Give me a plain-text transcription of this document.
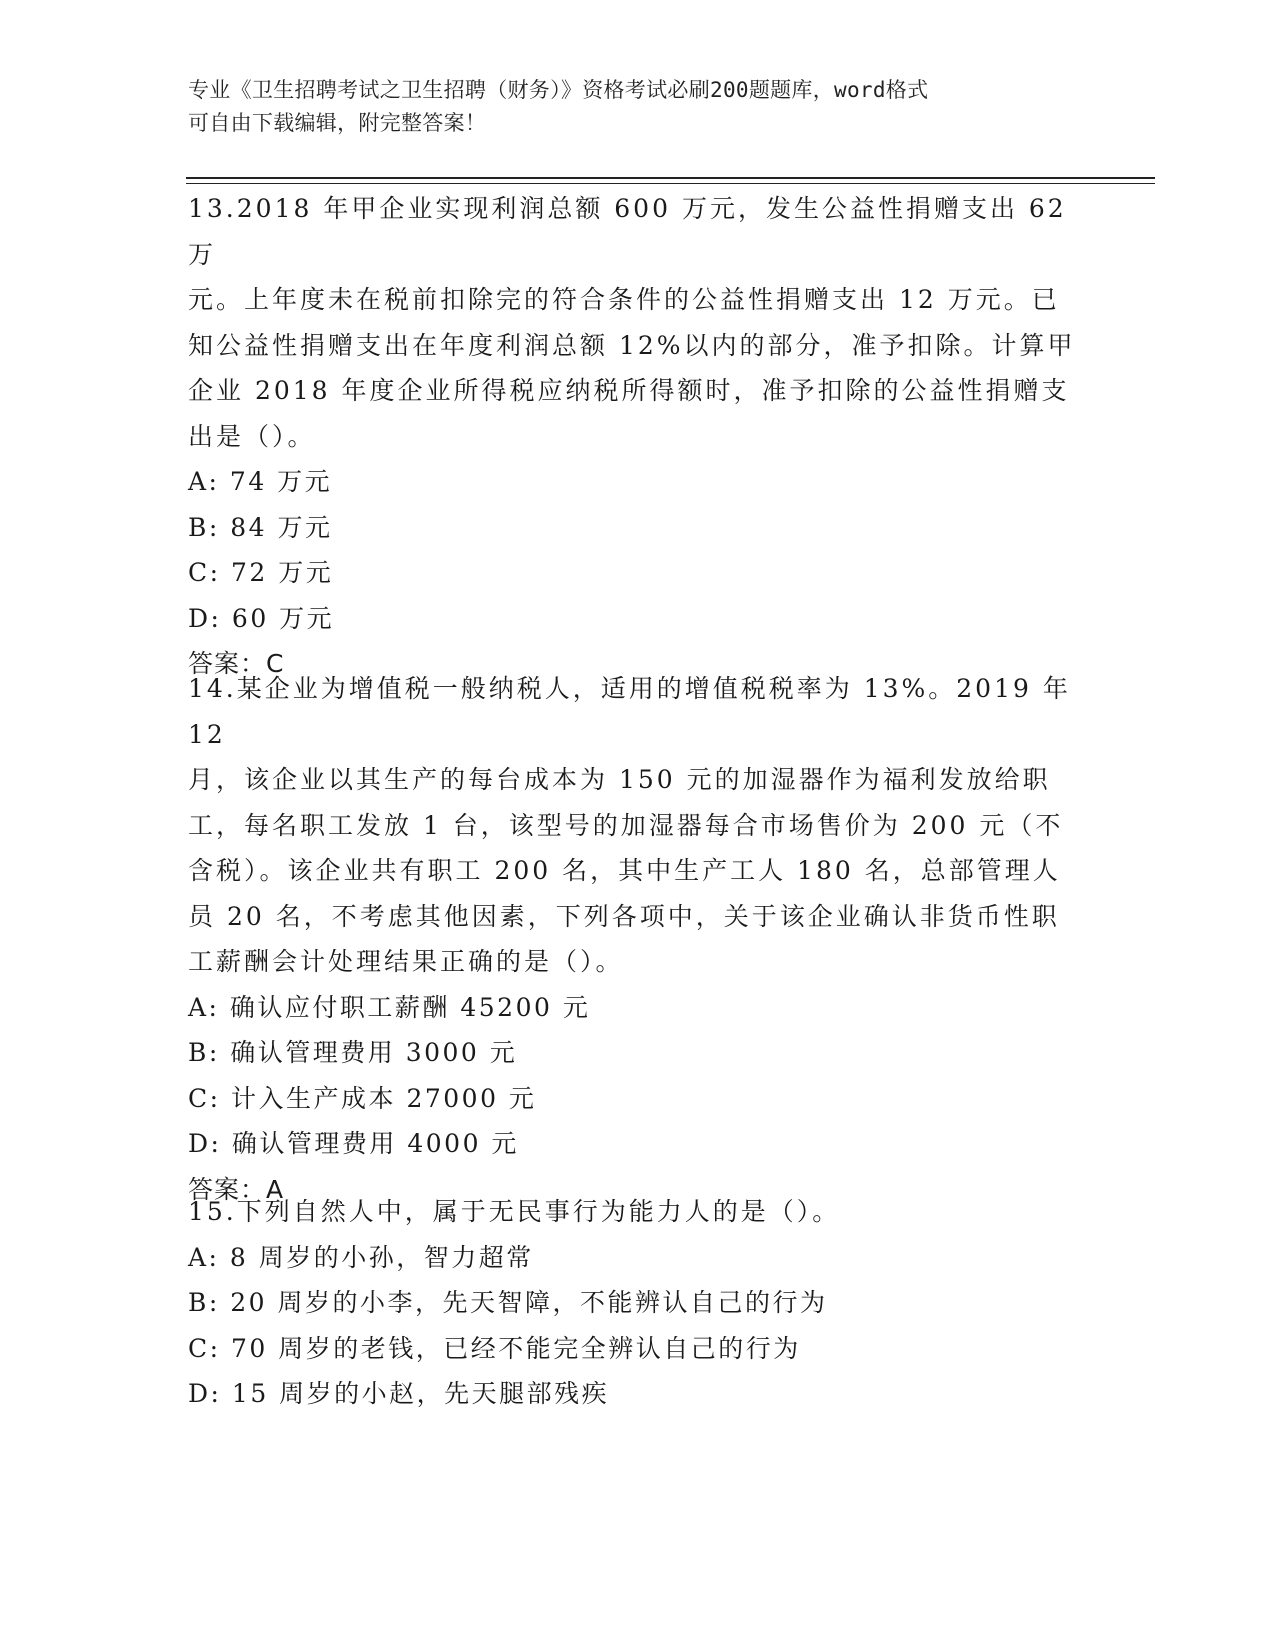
专业《卫生招聘考试之卫生招聘（财务）》资格考试必刷200题题库，word格式
可自由下载编辑，附完整答案！
13.2018 年甲企业实现利润总额 600 万元，发生公益性捐赠支出 62 万
元。上年度未在税前扣除完的符合条件的公益性捐赠支出 12 万元。已
知公益性捐赠支出在年度利润总额 12%以内的部分，准予扣除。计算甲
企业 2018 年度企业所得税应纳税所得额时，准予扣除的公益性捐赠支
出是（）。
A: 74 万元
B: 84 万元
C: 72 万元
D: 60 万元
答案：C
14.某企业为增值税一般纳税人，适用的增值税税率为 13%。2019 年 12
月，该企业以其生产的每台成本为 150 元的加湿器作为福利发放给职
工，每名职工发放 1 台，该型号的加湿器每合市场售价为 200 元（不
含税）。该企业共有职工 200 名，其中生产工人 180 名，总部管理人
员 20 名，不考虑其他因素，下列各项中，关于该企业确认非货币性职
工薪酬会计处理结果正确的是（）。
A: 确认应付职工薪酬 45200 元
B: 确认管理费用 3000 元
C: 计入生产成本 27000 元
D: 确认管理费用 4000 元
答案：A
15.下列自然人中，属于无民事行为能力人的是（）。
A: 8 周岁的小孙，智力超常
B: 20 周岁的小李，先天智障，不能辨认自己的行为
C: 70 周岁的老钱，已经不能完全辨认自己的行为
D: 15 周岁的小赵，先天腿部残疾
